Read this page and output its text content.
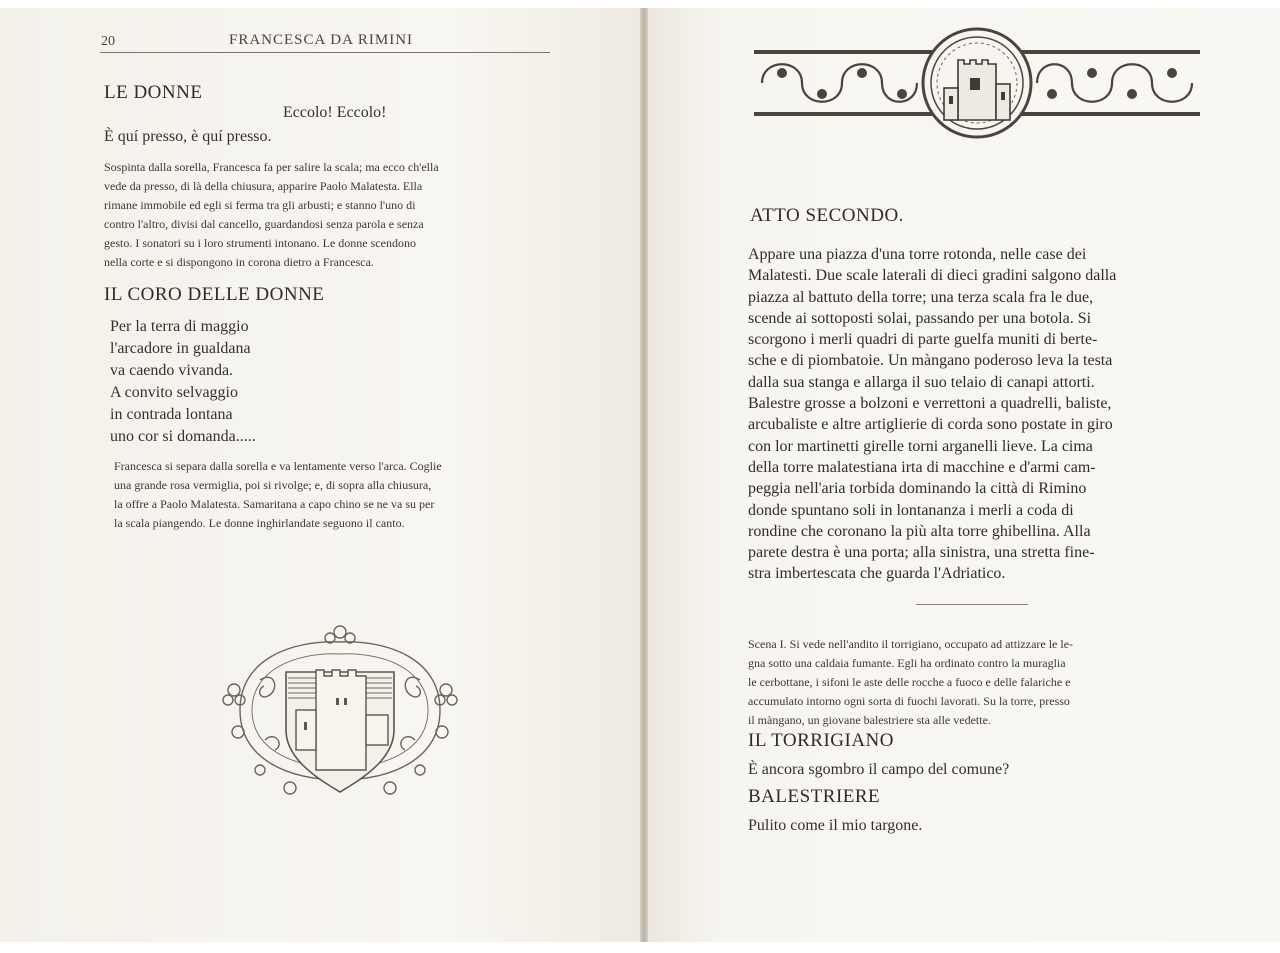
20	FRANCESCA DA RIMINI
LE DONNE
Eccolo! Eccolo!
È quí presso, è quí presso.
Sospinta dalla sorella, Francesca fa per salire la scala; ma ecco ch'ella
vede da presso, di là della chiusura, apparire Paolo Malatesta. Ella
rimane immobile ed egli si ferma tra gli arbusti; e stanno l'uno di
contro l'altro, divisi dal cancello, guardandosi senza parola e senza
gesto. I sonatori su i loro strumenti intonano. Le donne scendono
nella corte e si dispongono in corona dietro a Francesca.
IL CORO DELLE DONNE
Per la terra di maggio
l'arcadore in gualdana
va caendo vivanda.
A convito selvaggio
in contrada lontana
uno cor si domanda.....
Francesca si separa dalla sorella e va lentamente verso l'arca. Coglie
una grande rosa vermiglia, poi si rivolge; e, di sopra alla chiusura,
la offre a Paolo Malatesta. Samaritana a capo chino se ne va su per
la scala piangendo. Le donne inghirlandate seguono il canto.
ATTO SECONDO.
Appare una piazza d'una torre rotonda, nelle case dei
Malatesti. Due scale laterali di dieci gradini salgono dalla
piazza al battuto della torre; una terza scala fra le due,
scende ai sottoposti solai, passando per una botola. Si
scorgono i merli quadri di parte guelfa muniti di berte-
sche e di piombatoie. Un màngano poderoso leva la testa
dalla sua stanga e allarga il suo telaio di canapi attorti.
Balestre grosse a bolzoni e verrettoni a quadrelli, baliste,
arcubaliste e altre artiglierie di corda sono postate in giro
con lor martinetti girelle torni arganelli lieve. La cima
della torre malatestiana irta di macchine e d'armi cam-
peggia nell'aria torbida dominando la città di Rimino
donde spuntano soli in lontananza i merli a coda di
rondine che coronano la più alta torre ghibellina. Alla
parete destra è una porta; alla sinistra, una stretta fine-
stra imbertescata che guarda l'Adriatico.
Scena I. Si vede nell'andito il torrigiano, occupato ad attizzare le le-
gna sotto una caldaia fumante. Egli ha ordinato contro la muraglia
le cerbottane, i sifoni le aste delle rocche a fuoco e delle falariche e
accumulato intorno ogni sorta di fuochi lavorati. Su la torre, presso
il màngano, un giovane balestriere sta alle vedette.
IL TORRIGIANO
È ancora sgombro il campo del comune?
BALESTRIERE
Pulito come il mio targone.
